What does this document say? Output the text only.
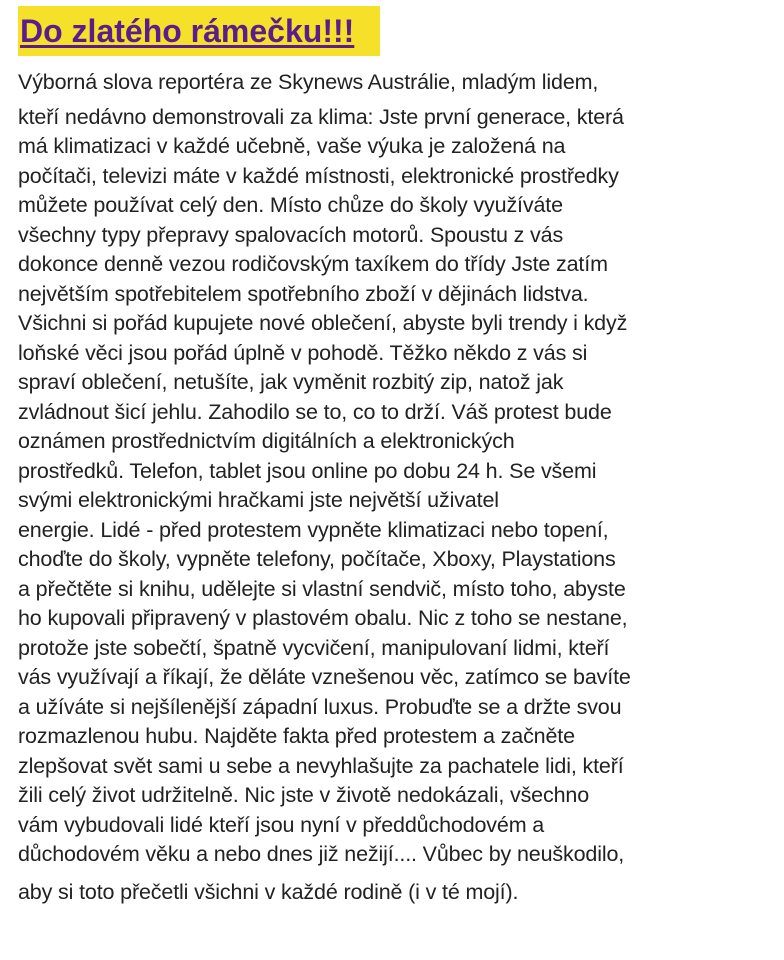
Do zlatého rámečku!!!
Výborná slova reportéra ze Skynews Austrálie, mladým lidem,
kteří nedávno demonstrovali za klima: Jste první generace, která
má klimatizaci v každé učebně, vaše výuka je založená na
počítači, televizi máte v každé místnosti, elektronické prostředky
můžete používat celý den. Místo chůze do školy využíváte
všechny typy přepravy spalovacích motorů. Spoustu z vás
dokonce denně vezou rodičovským taxíkem do třídy Jste zatím
největším spotřebitelem spotřebního zboží v dějinách lidstva.
Všichni si pořád kupujete nové oblečení, abyste byli trendy i když
loňské věci jsou pořád úplně v pohodě. Těžko někdo z vás si
spraví oblečení, netušíte, jak vyměnit rozbitý zip, natož jak
zvládnout šicí jehlu. Zahodilo se to, co to drží. Váš protest bude
oznámen prostřednictvím digitálních a elektronických
prostředků. Telefon, tablet jsou online po dobu 24 h. Se všemi
svými elektronickými hračkami jste největší uživatel
energie. Lidé - před protestem vypněte klimatizaci nebo topení,
choďte do školy, vypněte telefony, počítače, Xboxy, Playstations
a přečtěte si knihu, udělejte si vlastní sendvič, místo toho, abyste
ho kupovali připravený v plastovém obalu. Nic z toho se nestane,
protože jste sobečtí, špatně vycvičení, manipulovaní lidmi, kteří
vás využívají a říkají, že děláte vznešenou věc, zatímco se bavíte
a užíváte si nejšílenější západní luxus. Probuďte se a držte svou
rozmazlenou hubu. Najděte fakta před protestem a začněte
zlepšovat svět sami u sebe a nevyhlašujte za pachatele lidi, kteří
žili celý život udržitelně. Nic jste v životě nedokázali, všechno
vám vybudovali lidé kteří jsou nyní v předdůchodovém a
důchodovém věku a nebo dnes již nežijí.... Vůbec by neuškodilo,
aby si toto přečetli všichni v každé rodině (i v té mojí).
